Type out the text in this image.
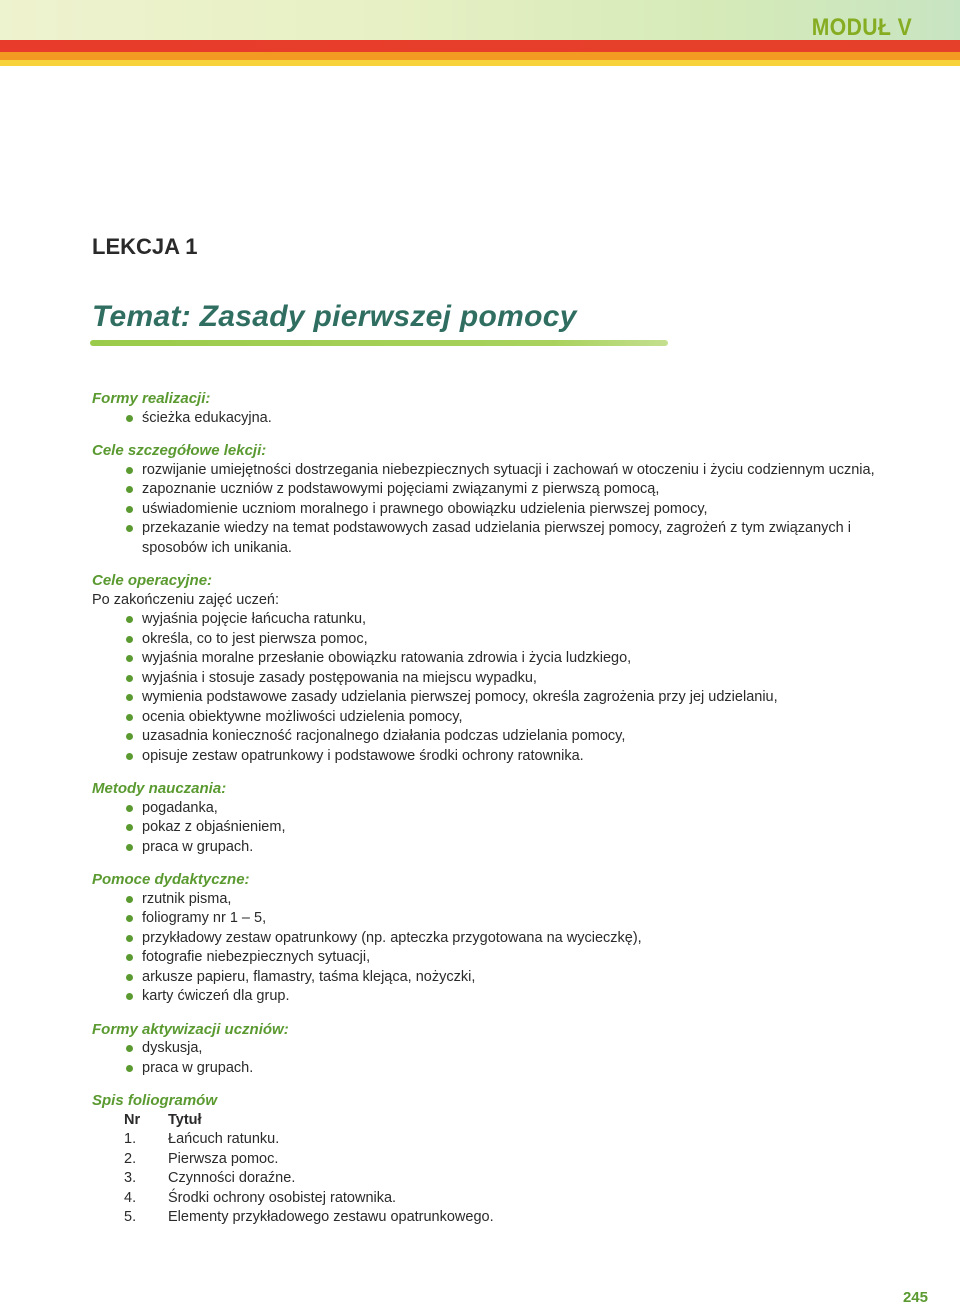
MODUŁ V
LEKCJA 1
Temat: Zasady pierwszej pomocy

Formy realizacji:

ścieżka edukacyjna.

Cele szczegółowe lekcji:

rozwijanie umiejętności dostrzegania niebezpiecznych sytuacji i zachowań w otoczeniu i życiu codziennym ucznia,
zapoznanie uczniów z podstawowymi pojęciami związanymi z pierwszą pomocą,
uświadomienie uczniom moralnego i prawnego obowiązku udzielenia pierwszej pomocy,
przekazanie wiedzy na temat podstawowych zasad udzielania pierwszej pomocy, zagrożeń z tym związanych i sposobów ich unikania.

Cele operacyjne:

Po zakończeniu zajęć uczeń:

wyjaśnia pojęcie łańcucha ratunku,
określa, co to jest pierwsza pomoc,
wyjaśnia moralne przesłanie obowiązku ratowania zdrowia i życia ludzkiego,
wyjaśnia i stosuje zasady postępowania na miejscu wypadku,
wymienia podstawowe zasady udzielania pierwszej pomocy, określa zagrożenia przy jej udzielaniu,
ocenia obiektywne możliwości udzielenia pomocy,
uzasadnia konieczność racjonalnego działania podczas udzielania pomocy,
opisuje zestaw opatrunkowy i podstawowe środki ochrony ratownika.

Metody nauczania:

pogadanka,
pokaz z objaśnieniem,
praca w grupach.

Pomoce dydaktyczne:

rzutnik pisma,
foliogramy nr 1 – 5,
przykładowy zestaw opatrunkowy (np. apteczka przygotowana na wycieczkę),
fotografie niebezpiecznych sytuacji,
arkusze papieru, flamastry, taśma klejąca, nożyczki,
karty ćwiczeń dla grup.

Formy aktywizacji uczniów:

dyskusja,
praca w grupach.

Spis foliogramów

Nr	Tytuł
1.	Łańcuch ratunku.
2.	Pierwsza pomoc.
3.	Czynności doraźne.
4.	Środki ochrony osobistej ratownika.
5.	Elementy przykładowego zestawu opatrunkowego.
245
